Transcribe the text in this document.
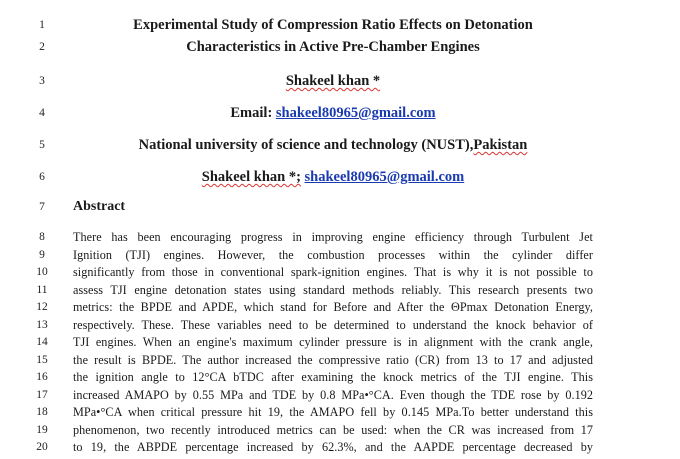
1	Experimental Study of Compression Ratio Effects on Detonation
2	Characteristics in Active Pre-Chamber Engines
3	Shakeel khan *
4	Email: shakeel80965@gmail.com
5	National university of science and technology (NUST),Pakistan
6	Shakeel khan *; shakeel80965@gmail.com
7	Abstract
8	There has been encouraging progress in improving engine efficiency through Turbulent Jet
9	Ignition (TJI) engines. However, the combustion processes within the cylinder differ
10	significantly from those in conventional spark-ignition engines. That is why it is not possible to
11	assess TJI engine detonation states using standard methods reliably. This research presents two
12	metrics: the BPDE and APDE, which stand for Before and After the ΘPmax Detonation Energy,
13	respectively. These. These variables need to be determined to understand the knock behavior of
14	TJI engines. When an engine's maximum cylinder pressure is in alignment with the crank angle,
15	the result is BPDE. The author increased the compressive ratio (CR) from 13 to 17 and adjusted
16	the ignition angle to 12°CA bTDC after examining the knock metrics of the TJI engine. This
17	increased AMAPO by 0.55 MPa and TDE by 0.8 MPa•°CA. Even though the TDE rose by 0.192
18	MPa•°CA when critical pressure hit 19, the AMAPO fell by 0.145 MPa.To better understand this
19	phenomenon, two recently introduced metrics can be used: when the CR was increased from 17
20	to 19, the ABPDE percentage increased by 62.3%, and the AAPDE percentage decreased by
